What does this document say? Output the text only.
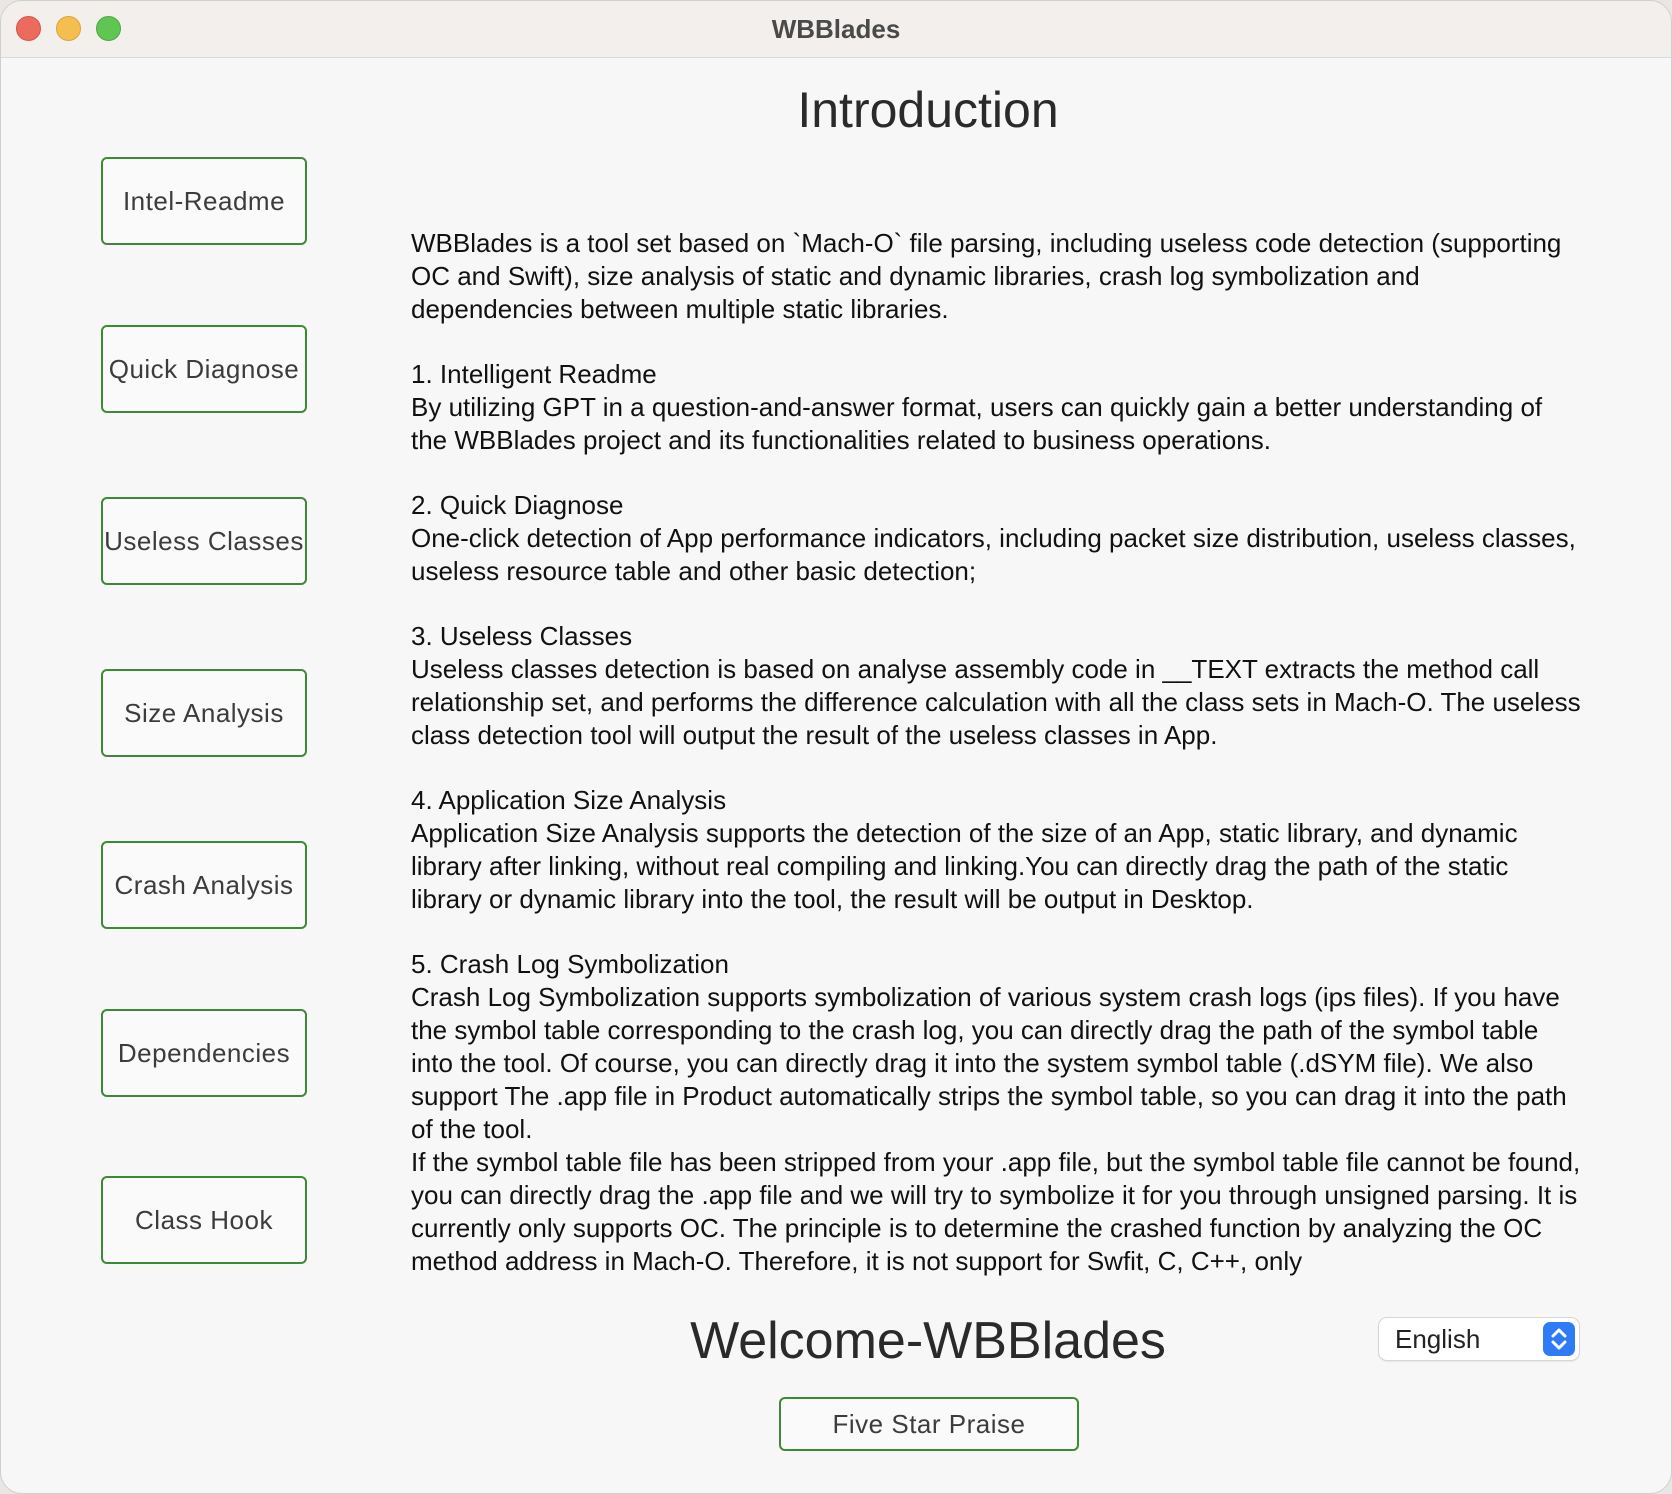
WBBlades
Intel-Readme
Quick Diagnose
Useless Classes
Size Analysis
Crash Analysis
Dependencies
Class Hook
Introduction

WBBlades is a tool set based on `Mach-O` file parsing, including useless code detection (supporting OC and Swift), size analysis of static and dynamic libraries, crash log symbolization and dependencies between multiple static libraries.

1. Intelligent Readme

By utilizing GPT in a question-and-answer format, users can quickly gain a better understanding of the WBBlades project and its functionalities related to business operations.

2. Quick Diagnose

One-click detection of App performance indicators, including packet size distribution, useless classes, useless resource table and other basic detection;

3. Useless Classes

Useless classes detection is based on analyse assembly code in __TEXT extracts the method call relationship set, and performs the difference calculation with all the class sets in Mach-O. The useless class detection tool will output the result of the useless classes in App.

4. Application Size Analysis

Application Size Analysis supports the detection of the size of an App, static library, and dynamic library after linking, without real compiling and linking.You can directly drag the path of the static library or dynamic library into the tool, the result will be output in Desktop.

5. Crash Log Symbolization

Crash Log Symbolization supports symbolization of various system crash logs (ips files). If you have the symbol table corresponding to the crash log, you can directly drag the path of the symbol table into the tool. Of course, you can directly drag it into the system symbol table (.dSYM file). We also support The .app file in Product automatically strips the symbol table, so you can drag it into the path of the tool.
If the symbol table file has been stripped from your .app file, but the symbol table file cannot be found, you can directly drag the .app file and we will try to symbolize it for you through unsigned parsing. It is currently only supports OC. The principle is to determine the crashed function by analyzing the OC method address in Mach-O. Therefore, it is not support for Swfit, C, C++, only

Welcome-WBBlades	English
Five Star Praise
